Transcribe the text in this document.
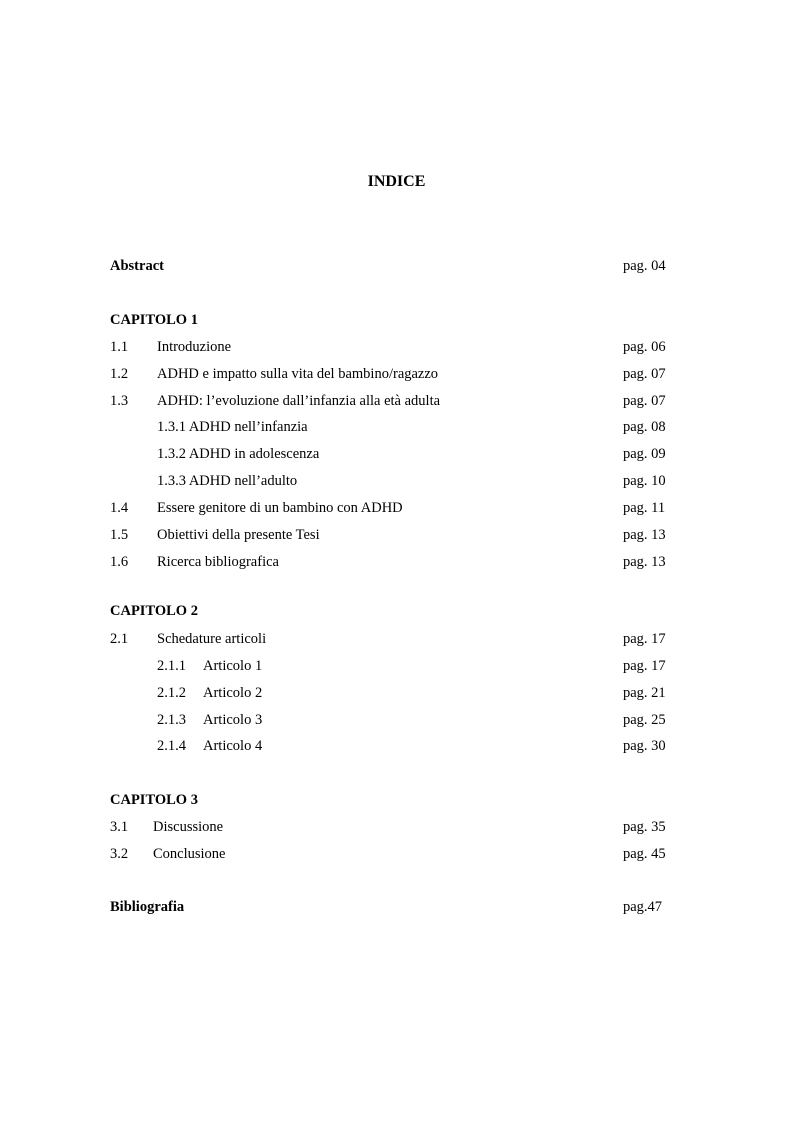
INDICE
Abstract	pag. 04
CAPITOLO 1
1.1 Introduzione	pag. 06
1.2 ADHD e impatto sulla vita del bambino/ragazzo	pag. 07
1.3 ADHD: l’evoluzione dall’infanzia alla età adulta	pag. 07
1.3.1 ADHD nell’infanzia	pag. 08
1.3.2 ADHD in adolescenza	pag. 09
1.3.3 ADHD nell’adulto	pag. 10
1.4 Essere genitore di un bambino con ADHD	pag. 11
1.5 Obiettivi della presente Tesi	pag. 13
1.6 Ricerca bibliografica	pag. 13
CAPITOLO 2
2.1 Schedature articoli	pag. 17
2.1.1 Articolo 1	pag. 17
2.1.2 Articolo 2	pag. 21
2.1.3 Articolo 3	pag. 25
2.1.4 Articolo 4	pag. 30
CAPITOLO 3
3.1 Discussione	pag. 35
3.2 Conclusione	pag. 45
Bibliografia	pag.47
